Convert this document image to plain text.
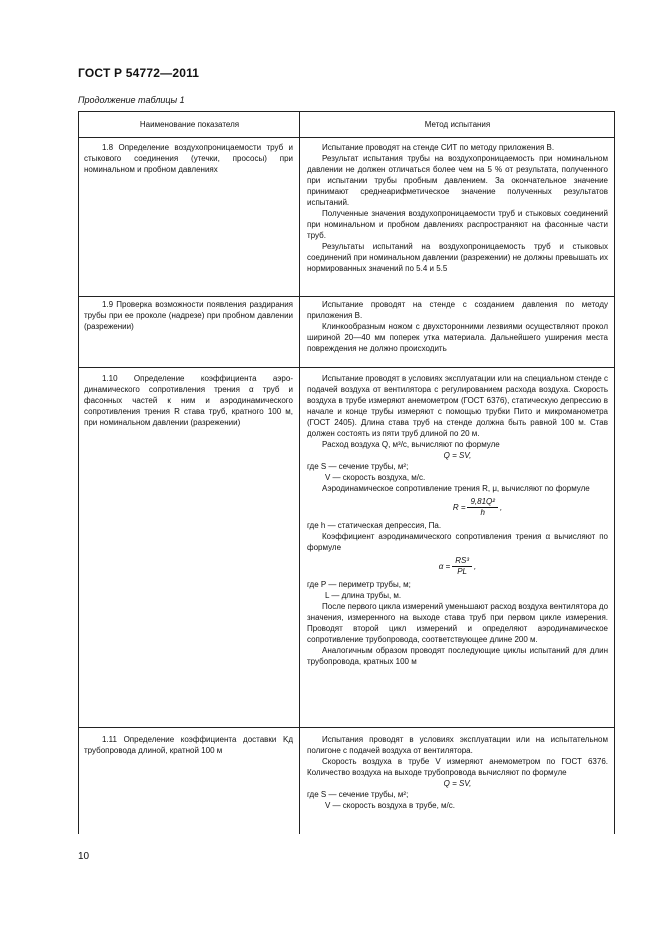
ГОСТ Р 54772—2011
Продолжение таблицы 1
Наименование показателя	Метод испытания

1.8 Определение воздухопроницаемости труб и стыкового соединения (утечки, прососы) при номинальном и пробном давлениях

Испытание проводят на стенде СИТ по методу приложения В.

Результат испытания трубы на воздухопроницаемость при номинальном давлении не должен отличаться более чем на 5 % от результата, полученного при испытании трубы пробным давлением. За окончательное значение принимают среднеарифметическое значение полученных результатов испытаний.

Полученные значения воздухопроницаемости труб и стыковых соединений при номинальном и пробном давлениях распространяют на фасонные части труб.

Результаты испытаний на воздухопроницаемость труб и стыковых соединений при номинальном давлении (разрежении) не должны превышать их нормированных значений по 5.4 и 5.5

1.9 Проверка возможности появления раздирания трубы при ее проколе (надрезе) при пробном давлении (разрежении)

Испытание проводят на стенде с созданием давления по методу приложения В.

Клинкообразным ножом с двухсторонними лезвиями осуществляют прокол шириной 20—40 мм поперек утка материала. Дальнейшего уширения места повреждения не должно происходить

1.10 Определение коэффициента аэродинамического сопротивления трения α труб и фасонных частей к ним и аэродинамического сопротивления трения R става труб, кратного 100 м, при номинальном давлении (разрежении)

Испытание проводят в условиях эксплуатации или на специальном стенде с подачей воздуха от вентилятора с регулированием расхода воздуха. Скорость воздуха в трубе измеряют анемометром (ГОСТ 6376), статическую депрессию в начале и конце трубы измеряют с помощью трубки Пито и микроманометра (ГОСТ 2405). Длина става труб на стенде должна быть равной 100 м. Став должен состоять из пяти труб длиной по 20 м.

Расход воздуха Q, м³/с, вычисляют по формуле

Q = SV,

где S — сечение трубы, м²;

V — скорость воздуха, м/с.

Аэродинамическое сопротивление трения R, μ, вычисляют по формуле

$R = \frac{\text{9,81Q²}}{h}$ ,

где h — статическая депрессия, Па.

Коэффициент аэродинамического сопротивления трения α вычисляют по формуле

$\alpha = \frac{\text{RS³}}{PL}$ ,

где P — периметр трубы, м;

L — длина трубы, м.

После первого цикла измерений уменьшают расход воздуха вентилятора до значения, измеренного на выходе става труб при первом цикле измерения. Проводят второй цикл измерений и определяют аэродинамическое сопротивление трубопровода, соответствующее длине 200 м.

Аналогичным образом проводят последующие циклы испытаний для длин трубопровода, кратных 100 м

1.11 Определение коэффициента доставки Kд трубопровода длиной, кратной 100 м

Испытания проводят в условиях эксплуатации или на испытательном полигоне с подачей воздуха от вентилятора.

Скорость воздуха в трубе V измеряют анемометром по ГОСТ 6376. Количество воздуха на выходе трубопровода вычисляют по формуле

Q = SV,

где S — сечение трубы, м²;

V — скорость воздуха в трубе, м/с.

10
